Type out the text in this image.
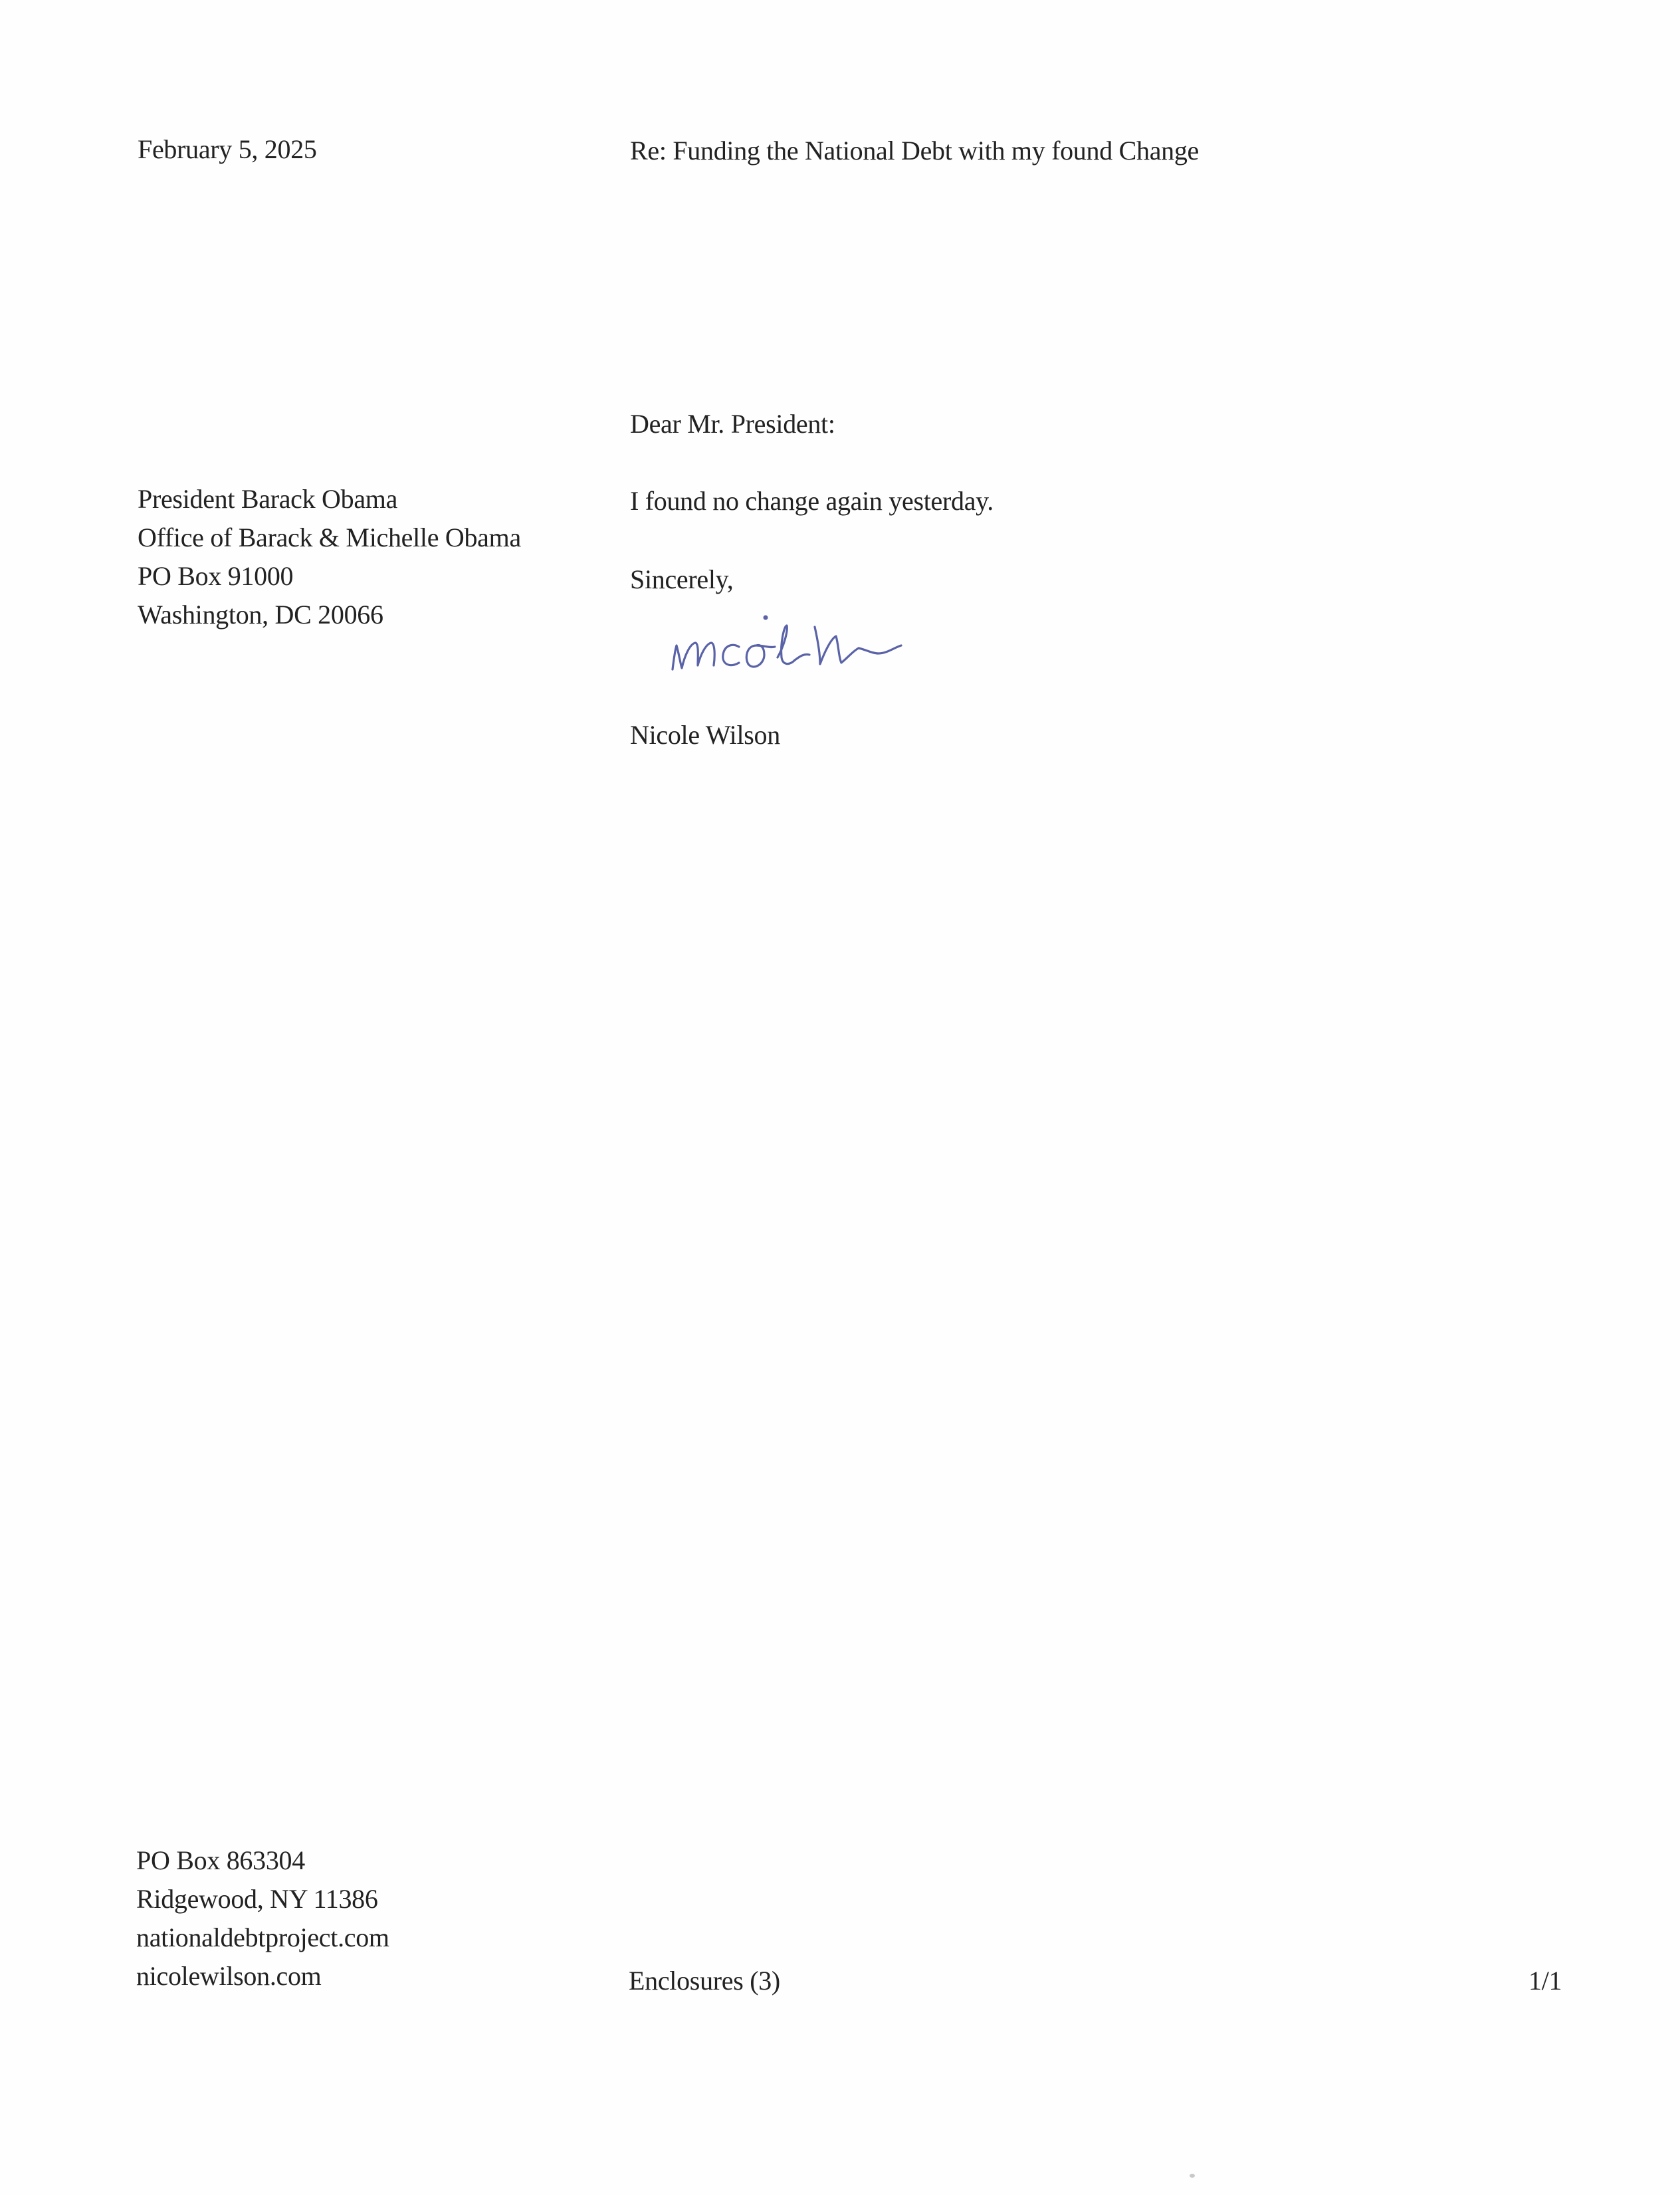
February 5, 2025	Re: Funding the National Debt with my found Change
Dear Mr. President:
President Barack Obama
Office of Barack & Michelle Obama
PO Box 91000
Washington, DC 20066
I found no change again yesterday.
Sincerely,
Nicole Wilson
PO Box 863304
Ridgewood, NY 11386
nationaldebtproject.com
nicolewilson.com	Enclosures (3)	1/1
